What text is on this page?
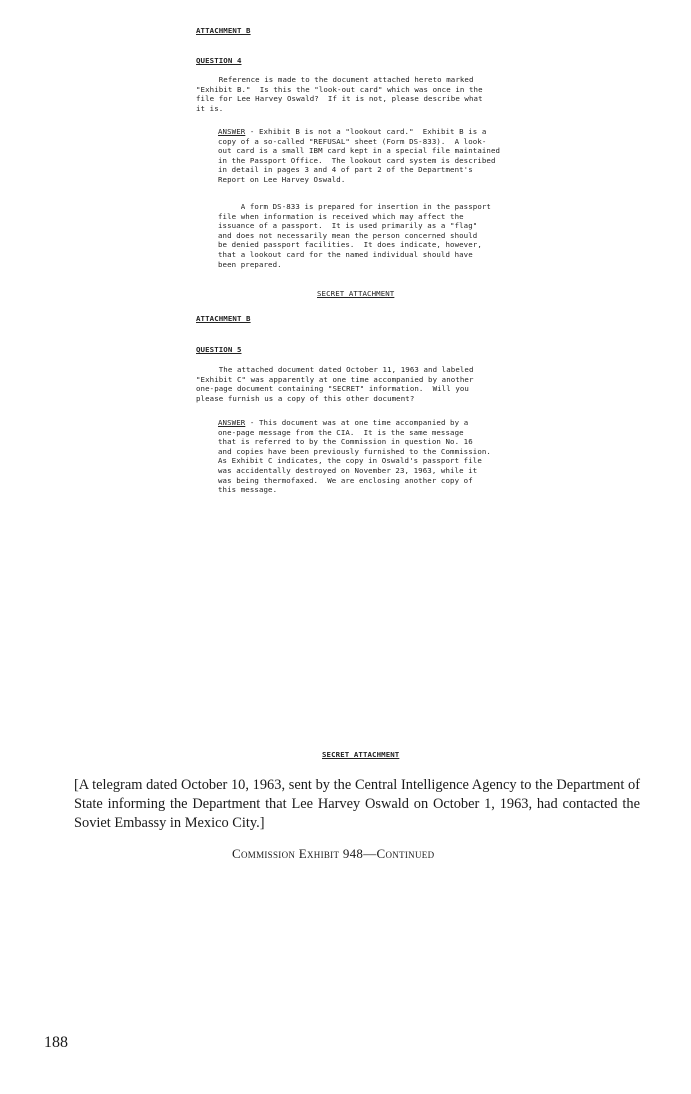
ATTACHMENT B
QUESTION 4

Reference is made to the document attached hereto marked
"Exhibit B."  Is this the "look-out card" which was once in the
file for Lee Harvey Oswald?  If it is not, please describe what
it is.

ANSWER - Exhibit B is not a "lookout card."  Exhibit B is a
copy of a so-called "REFUSAL" sheet (Form DS-833).  A look-
out card is a small IBM card kept in a special file maintained
in the Passport Office.  The lookout card system is described
in detail in pages 3 and 4 of part 2 of the Department's
Report on Lee Harvey Oswald.

A form DS-833 is prepared for insertion in the passport
file when information is received which may affect the
issuance of a passport.  It is used primarily as a "flag"
and does not necessarily mean the person concerned should
be denied passport facilities.  It does indicate, however,
that a lookout card for the named individual should have
been prepared.

SECRET ATTACHMENT
ATTACHMENT B
QUESTION 5

The attached document dated October 11, 1963 and labeled
"Exhibit C" was apparently at one time accompanied by another
one-page document containing "SECRET" information.  Will you
please furnish us a copy of this other document?

ANSWER - This document was at one time accompanied by a
one-page message from the CIA.  It is the same message
that is referred to by the Commission in question No. 16
and copies have been previously furnished to the Commission.
As Exhibit C indicates, the copy in Oswald's passport file
was accidentally destroyed on November 23, 1963, while it
was being thermofaxed.  We are enclosing another copy of
this message.

SECRET ATTACHMENT
[A telegram dated October 10, 1963, sent by the Central Intelligence Agency to the Department of State informing the Department that Lee Harvey Oswald on October 1, 1963, had contacted the Soviet Embassy in Mexico City.]
Commission Exhibit 948—Continued
188
